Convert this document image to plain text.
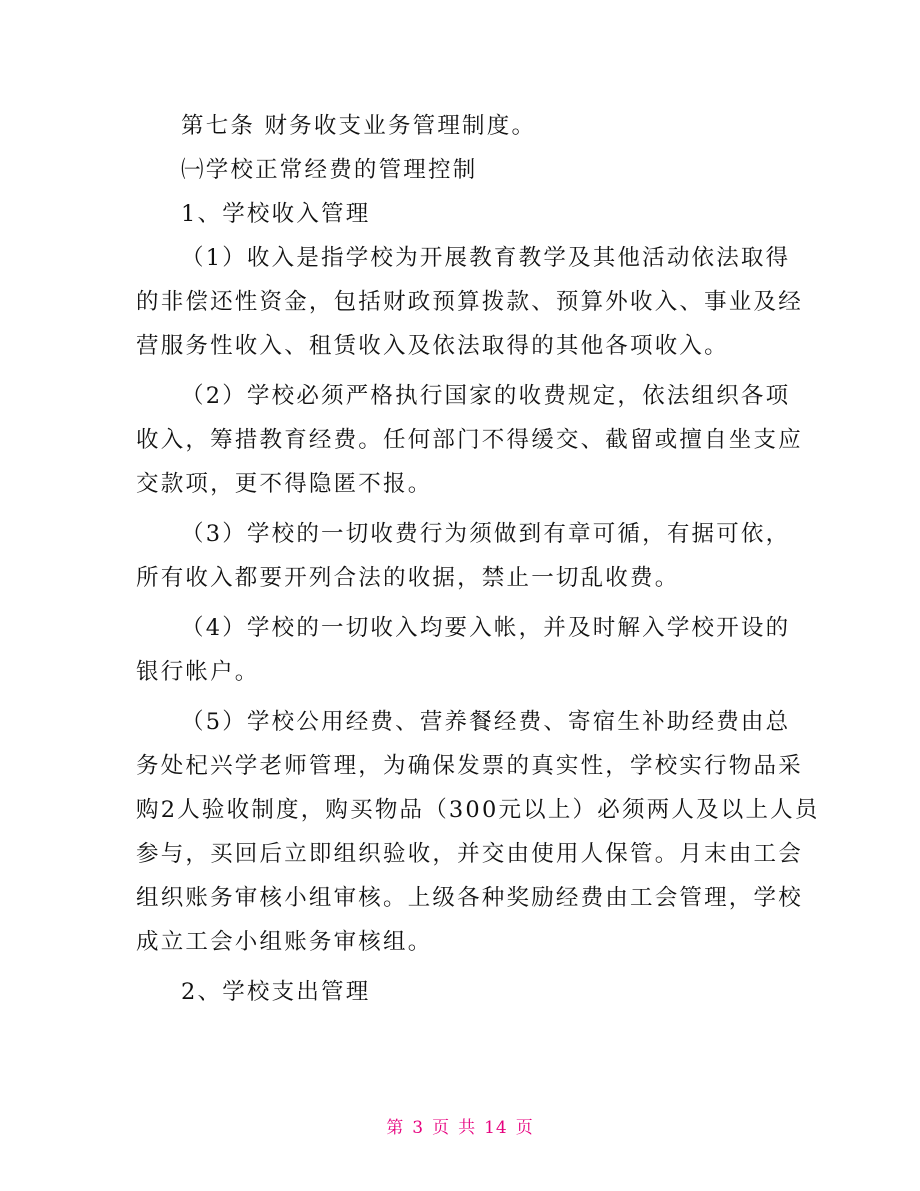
第七条 财务收支业务管理制度。

㈠学校正常经费的管理控制

1、学校收入管理

（1）收入是指学校为开展教育教学及其他活动依法取得

的非偿还性资金，包括财政预算拨款、预算外收入、事业及经

营服务性收入、租赁收入及依法取得的其他各项收入。

（2）学校必须严格执行国家的收费规定，依法组织各项

收入，筹措教育经费。任何部门不得缓交、截留或擅自坐支应

交款项，更不得隐匿不报。

（3）学校的一切收费行为须做到有章可循，有据可依，

所有收入都要开列合法的收据，禁止一切乱收费。

（4）学校的一切收入均要入帐，并及时解入学校开设的

银行帐户。

（5）学校公用经费、营养餐经费、寄宿生补助经费由总

务处杞兴学老师管理，为确保发票的真实性，学校实行物品采

购2人验收制度，购买物品（300元以上）必须两人及以上人员

参与，买回后立即组织验收，并交由使用人保管。月末由工会

组织账务审核小组审核。上级各种奖励经费由工会管理，学校

成立工会小组账务审核组。

2、学校支出管理

第 3 页 共 14 页
